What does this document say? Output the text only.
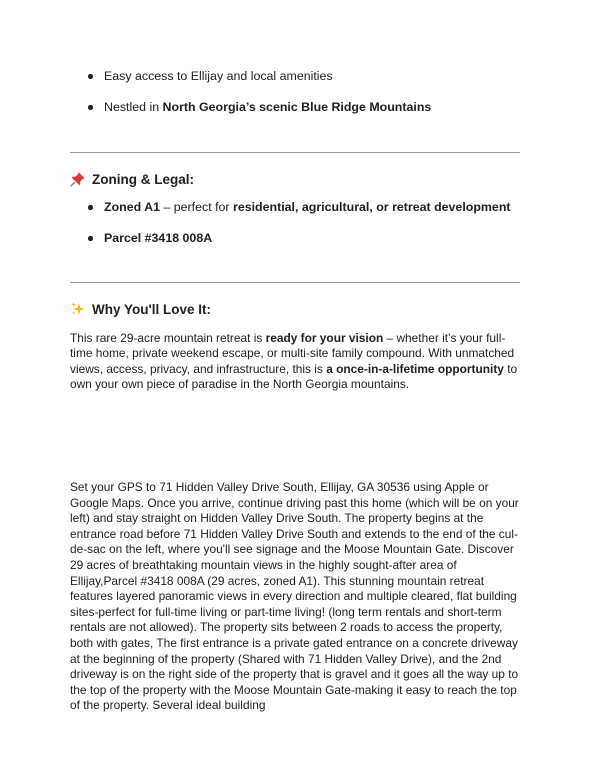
Easy access to Ellijay and local amenities
Nestled in North Georgia’s scenic Blue Ridge Mountains
Zoning & Legal:
Zoned A1 – perfect for residential, agricultural, or retreat development
Parcel #3418 008A
Why You'll Love It:

This rare 29-acre mountain retreat is ready for your vision – whether it’s your full-time home, private weekend escape, or multi-site family compound. With unmatched views, access, privacy, and infrastructure, this is a once-in-a-lifetime opportunity to own your own piece of paradise in the North Georgia mountains.

Set your GPS to 71 Hidden Valley Drive South, Ellijay, GA 30536 using Apple or Google Maps. Once you arrive, continue driving past this home (which will be on your left) and stay straight on Hidden Valley Drive South. The property begins at the entrance road before 71 Hidden Valley Drive South and extends to the end of the cul-de-sac on the left, where you'll see signage and the Moose Mountain Gate. Discover 29 acres of breathtaking mountain views in the highly sought-after area of Ellijay,Parcel #3418 008A (29 acres, zoned A1). This stunning mountain retreat features layered panoramic views in every direction and multiple cleared, flat building sites-perfect for full-time living or part-time living! (long term rentals and short-term rentals are not allowed). The property sits between 2 roads to access the property, both with gates, The first entrance is a private gated entrance on a concrete driveway at the beginning of the property (Shared with 71 Hidden Valley Drive), and the 2nd driveway is on the right side of the property that is gravel and it goes all the way up to the top of the property with the Moose Mountain Gate-making it easy to reach the top of the property. Several ideal building
